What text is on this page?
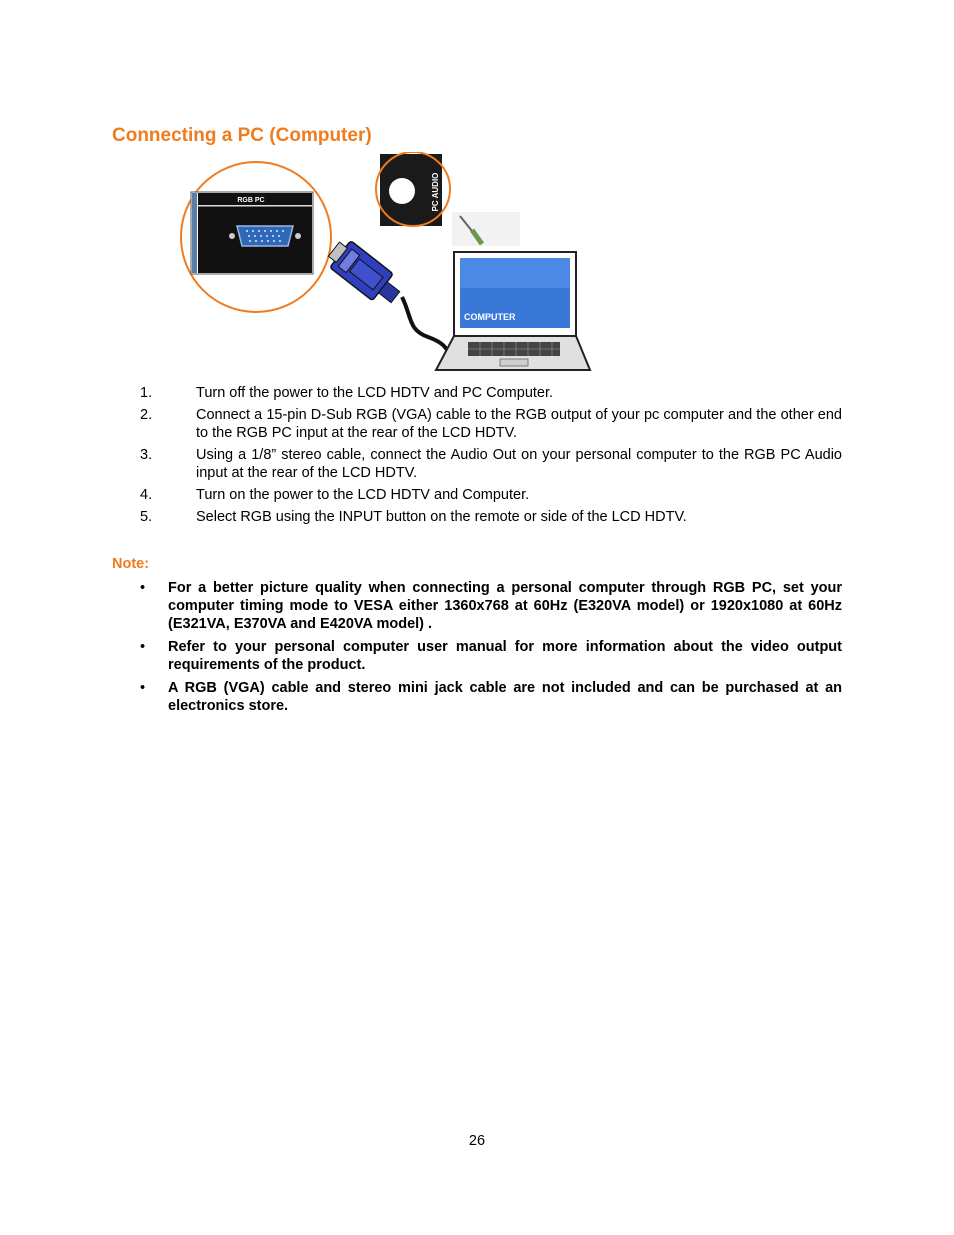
Connecting a PC (Computer)
RGB PC	PC AUDIO
COMPUTER
1.	Turn off the power to the LCD HDTV and PC Computer.
2.	Connect a 15-pin D-Sub RGB (VGA) cable to the RGB output of your pc computer and the other end to the RGB PC input at the rear of the LCD HDTV.
3.	Using a 1/8” stereo cable, connect the Audio Out on your personal computer to the RGB PC Audio input at the rear of the LCD HDTV.
4.	Turn on the power to the LCD HDTV and Computer.
5.	Select RGB using the INPUT button on the remote or side of the LCD HDTV.

Note:

•	For a better picture quality when connecting a personal computer through RGB PC, set your computer timing mode to VESA either 1360x768 at 60Hz (E320VA model) or 1920x1080 at 60Hz (E321VA, E370VA and E420VA model) .
•	Refer to your personal computer user manual for more information about the video output requirements of the product.
•	A RGB (VGA) cable and stereo mini jack cable are not included and can be purchased at an electronics store.
26
